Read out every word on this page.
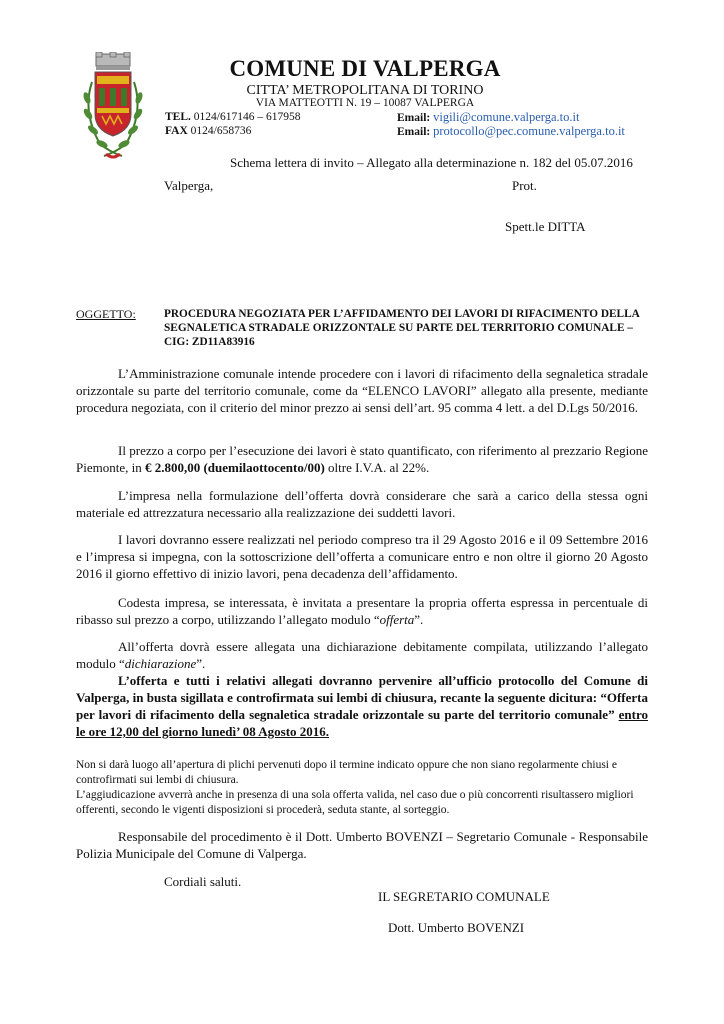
COMUNE DI VALPERGA
CITTA’ METROPOLITANA DI TORINO
VIA MATTEOTTI N. 19 – 10087 VALPERGA
TEL. 0124/617146 – 617958
FAX 0124/658736
Email: vigili@comune.valperga.to.it
Email: protocollo@pec.comune.valperga.to.it
Schema lettera di invito – Allegato alla determinazione n. 182 del 05.07.2016
Valperga,	Prot.
Spett.le DITTA
OGGETTO: PROCEDURA NEGOZIATA PER L’AFFIDAMENTO DEI LAVORI DI RIFACIMENTO DELLA SEGNALETICA STRADALE ORIZZONTALE SU PARTE DEL TERRITORIO COMUNALE – CIG: ZD11A83916
L’Amministrazione comunale intende procedere con i lavori di rifacimento della segnaletica stradale orizzontale su parte del territorio comunale, come da “ELENCO LAVORI” allegato alla presente, mediante procedura negoziata, con il criterio del minor prezzo ai sensi dell’art. 95 comma 4 lett. a del D.Lgs 50/2016.
Il prezzo a corpo per l’esecuzione dei lavori è stato quantificato, con riferimento al prezzario Regione Piemonte, in € 2.800,00 (duemilaottocento/00) oltre I.V.A. al 22%.
L’impresa nella formulazione dell’offerta dovrà considerare che sarà a carico della stessa ogni materiale ed attrezzatura necessario alla realizzazione dei suddetti lavori.
I lavori dovranno essere realizzati nel periodo compreso tra il 29 Agosto 2016 e il 09 Settembre 2016 e l’impresa si impegna, con la sottoscrizione dell’offerta a comunicare entro e non oltre il giorno 20 Agosto 2016 il giorno effettivo di inizio lavori, pena decadenza dell’affidamento.
Codesta impresa, se interessata, è invitata a presentare la propria offerta espressa in percentuale di ribasso sul prezzo a corpo, utilizzando l’allegato modulo “offerta”.
All’offerta dovrà essere allegata una dichiarazione debitamente compilata, utilizzando l’allegato modulo “dichiarazione”.
L’offerta e tutti i relativi allegati dovranno pervenire all’ufficio protocollo del Comune di Valperga, in busta sigillata e controfirmata sui lembi di chiusura, recante la seguente dicitura: “Offerta per lavori di rifacimento della segnaletica stradale orizzontale su parte del territorio comunale” entro le ore 12,00 del giorno lunedì’ 08 Agosto 2016.
Non si darà luogo all’apertura di plichi pervenuti dopo il termine indicato oppure che non siano regolarmente chiusi e controfirmati sui lembi di chiusura.
L’aggiudicazione avverrà anche in presenza di una sola offerta valida, nel caso due o più concorrenti risultassero migliori offerenti, secondo le vigenti disposizioni si procederà, seduta stante, al sorteggio.
Responsabile del procedimento è il Dott. Umberto BOVENZI – Segretario Comunale - Responsabile Polizia Municipale del Comune di Valperga.
Cordiali saluti.
IL SEGRETARIO COMUNALE
Dott. Umberto BOVENZI
